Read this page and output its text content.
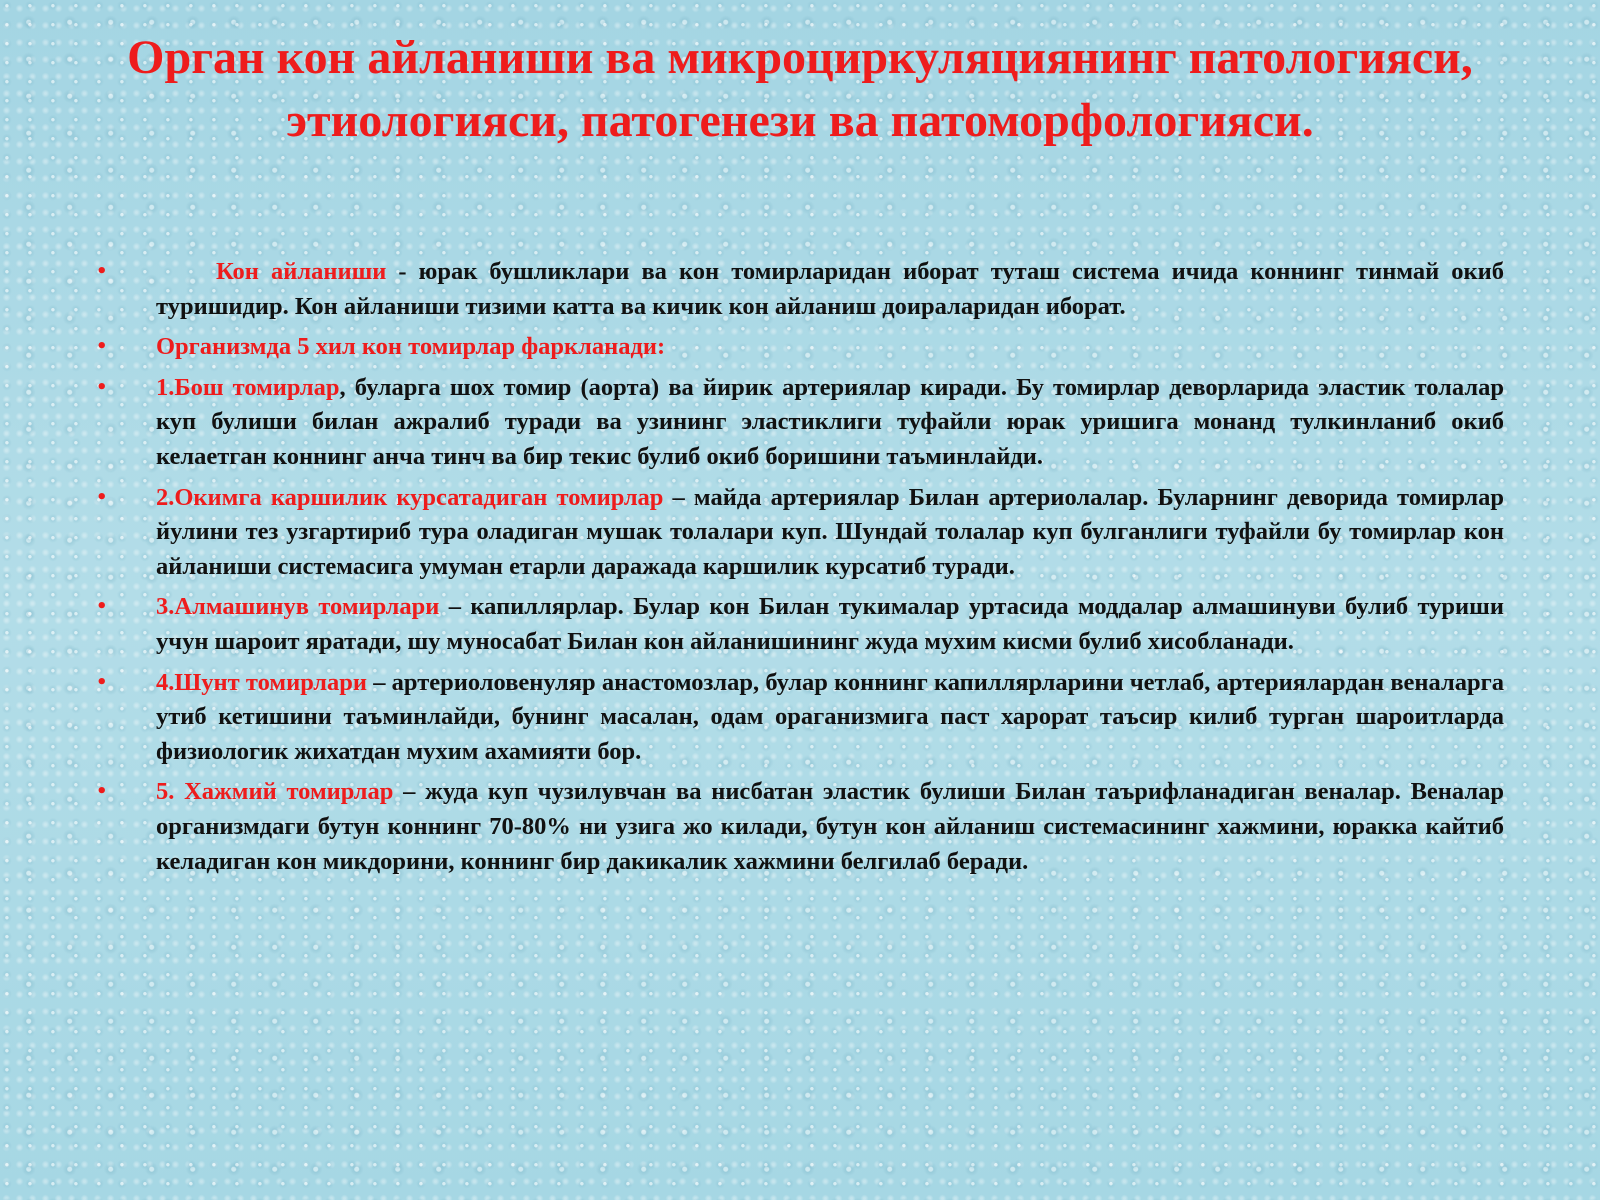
Орган кон айланиши ва микроциркуляциянинг патологияси, этиологияси, патогенези ва патоморфологияси.
•	Кон айланиши - юрак бушликлари ва кон томирларидан иборат туташ система ичида коннинг тинмай окиб туришидир. Кон айланиши тизими катта ва кичик кон айланиш доираларидан иборат.
• Организмда 5 хил кон томирлар фаркланади:
• 1.Бош томирлар, буларга шох томир (аорта) ва йирик артериялар киради. Бу томирлар деворларида эластик толалар куп булиши билан ажралиб туради ва узининг эластиклиги туфайли юрак уришига монанд тулкинланиб окиб келаетган коннинг анча тинч ва бир текис булиб окиб боришини таъминлайди.
• 2.Окимга каршилик курсатадиган томирлар – майда артериялар Билан артериолалар. Буларнинг деворида томирлар йулини тез узгартириб тура оладиган мушак толалари куп. Шундай толалар куп булганлиги туфайли бу томирлар кон айланиши системасига умуман етарли даражада каршилик курсатиб туради.
• 3.Алмашинув томирлари – капиллярлар. Булар кон Билан тукималар уртасида моддалар алмашинуви булиб туриши учун шароит яратади, шу муносабат Билан кон айланишининг жуда мухим кисми булиб хисобланади.
• 4.Шунт томирлари – артериоловенуляр анастомозлар, булар коннинг капиллярларини четлаб, артериялардан веналарга утиб кетишини таъминлайди, бунинг масалан, одам ораганизмига паст харорат таъсир килиб турган шароитларда физиологик жихатдан мухим ахамияти бор.
• 5. Хажмий томирлар – жуда куп чузилувчан ва нисбатан эластик булиши Билан таърифланадиган веналар. Веналар организмдаги бутун коннинг 70-80% ни узига жо килади, бутун кон айланиш системасининг хажмини, юракка кайтиб келадиган кон микдорини, коннинг бир дакикалик хажмини белгилаб беради.
